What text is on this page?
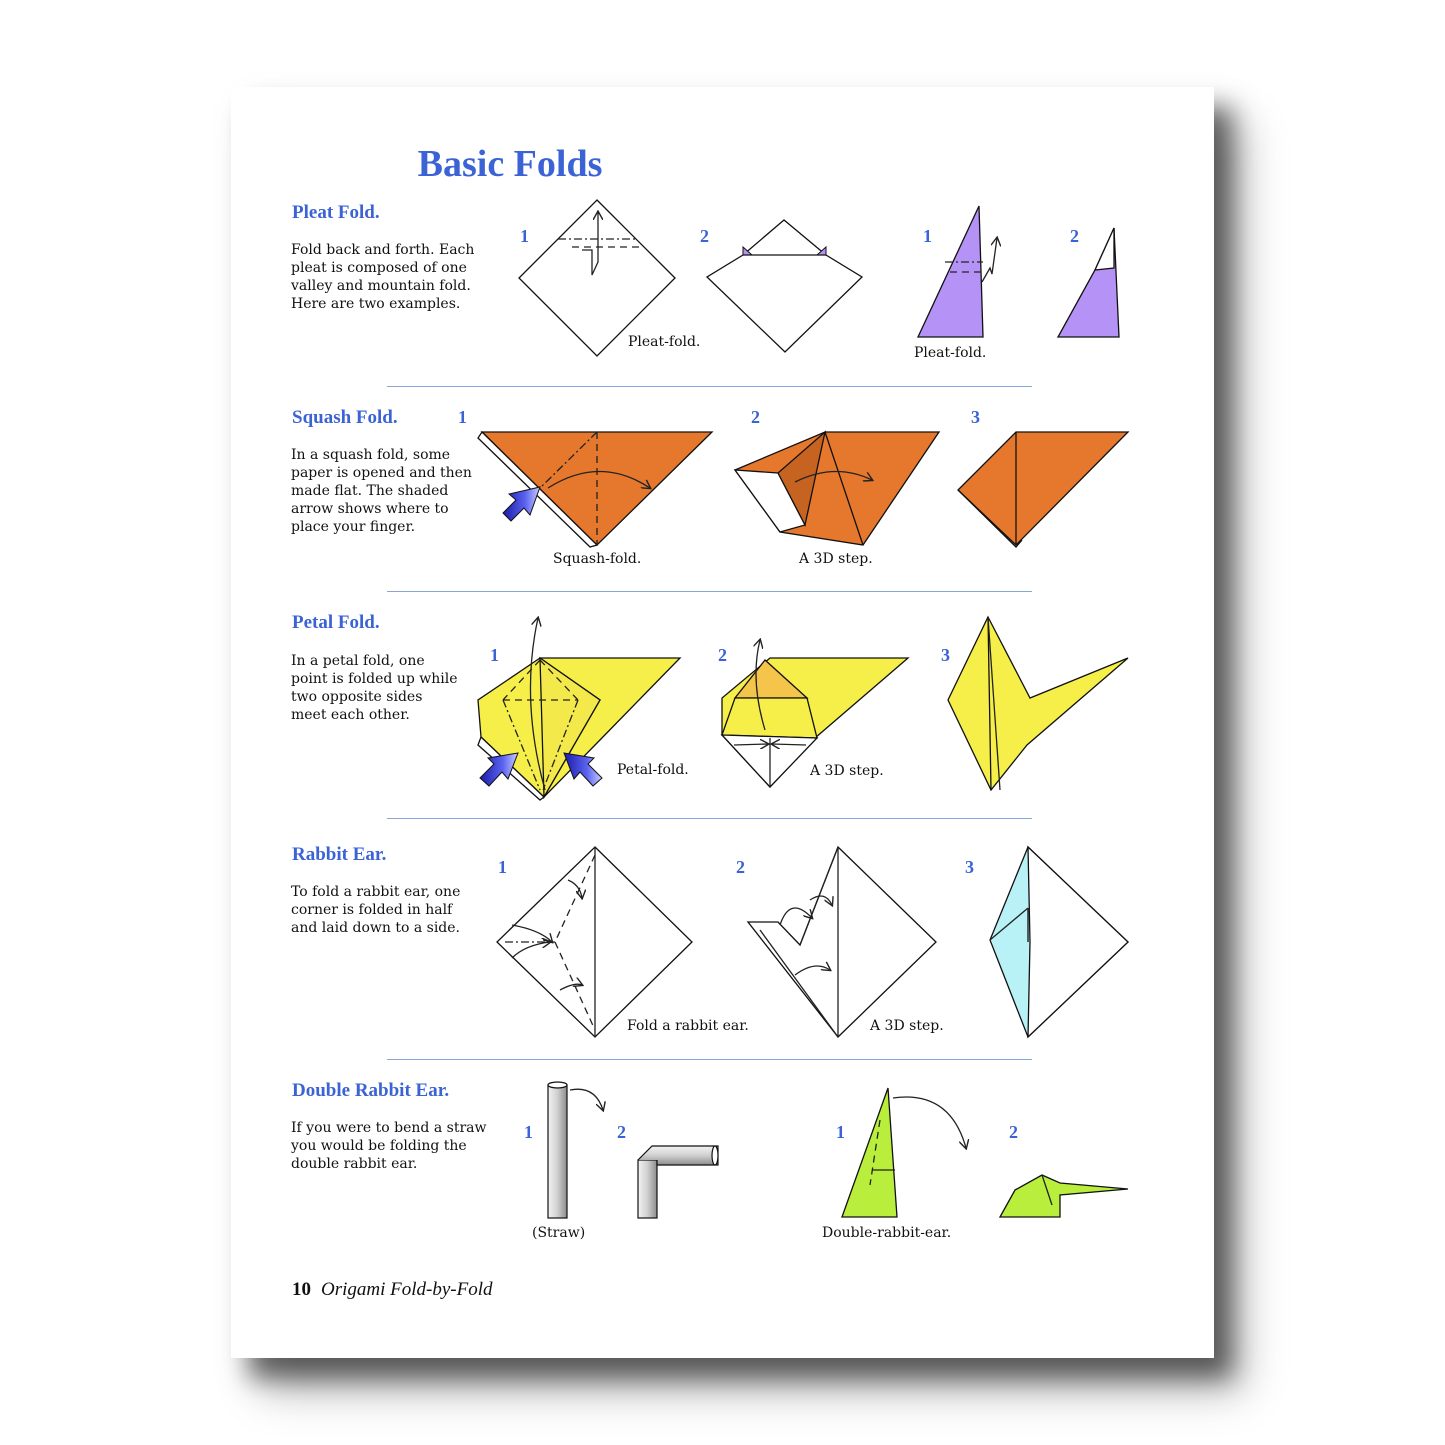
Basic Folds
Pleat Fold.
Fold back and forth. Each
pleat is composed of one
valley and mountain fold.
Here are two examples.
1	2	1	2
Pleat-fold.
Pleat-fold.
Squash Fold.
In a squash fold, some
paper is opened and then
made flat. The shaded
arrow shows where to
place your finger.
1	2	3
Squash-fold.	A 3D step.
Petal Fold.
In a petal fold, one
point is folded up while
two opposite sides
meet each other.
1	2	3
Petal-fold.	A 3D step.
Rabbit Ear.
To fold a rabbit ear, one
corner is folded in half
and laid down to a side.
1	2	3
Fold a rabbit ear.	A 3D step.
Double Rabbit Ear.
If you were to bend a straw
you would be folding the
double rabbit ear.
1	2	1	2
(Straw)	Double-rabbit-ear.
10 Origami Fold-by-Fold
